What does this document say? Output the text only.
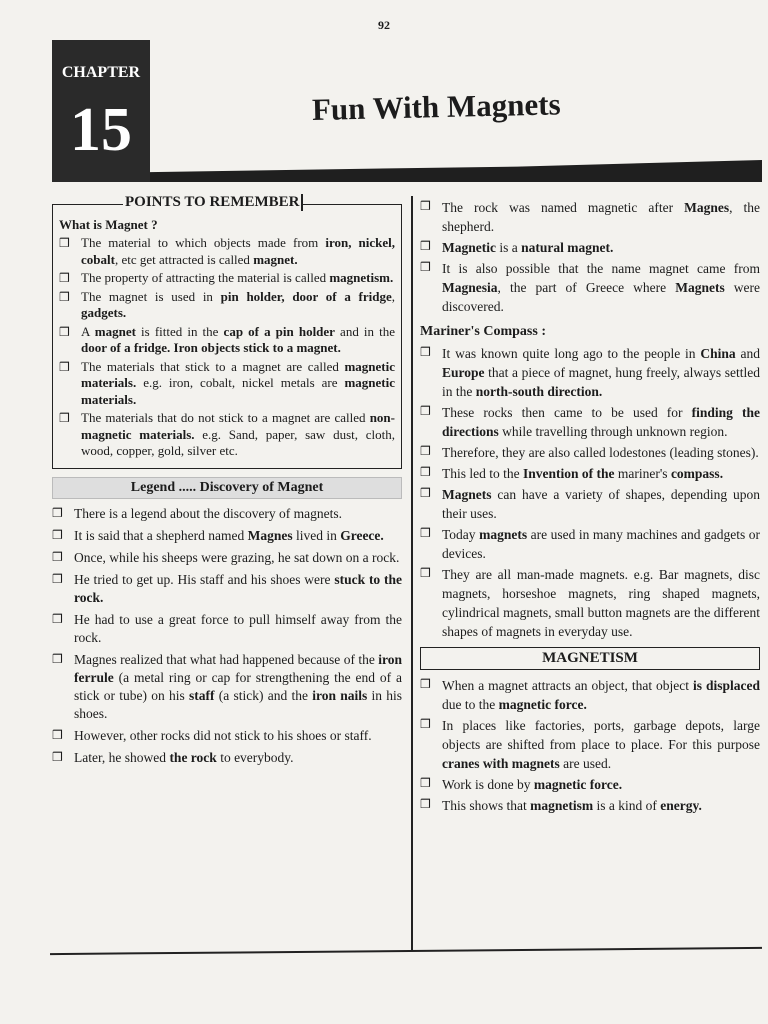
92
CHAPTER
15	Fun With Magnets
POINTS TO REMEMBER
What is Magnet ?
❒ The material to which objects made from iron, nickel, cobalt, etc get attracted is called magnet.
❒ The property of attracting the material is called magnetism.
❒ The magnet is used in pin holder, door of a fridge, gadgets.
❒ A magnet is fitted in the cap of a pin holder and in the door of a fridge. Iron objects stick to a magnet.
❒ The materials that stick to a magnet are called magnetic materials. e.g. iron, cobalt, nickel metals are magnetic materials.
❒ The materials that do not stick to a magnet are called non-magnetic materials. e.g. Sand, paper, saw dust, cloth, wood, copper, gold, silver etc.
Legend ..... Discovery of Magnet
❒ There is a legend about the discovery of magnets.
❒ It is said that a shepherd named Magnes lived in Greece.
❒ Once, while his sheeps were grazing, he sat down on a rock.
❒ He tried to get up. His staff and his shoes were stuck to the rock.
❒ He had to use a great force to pull himself away from the rock.
❒ Magnes realized that what had happened because of the iron ferrule (a metal ring or cap for strengthening the end of a stick or tube) on his staff (a stick) and the iron nails in his shoes.
❒ However, other rocks did not stick to his shoes or staff.
❒ Later, he showed the rock to everybody.
❒ The rock was named magnetic after Magnes, the shepherd.
❒ Magnetic is a natural magnet.
❒ It is also possible that the name magnet came from Magnesia, the part of Greece where Magnets were discovered.
Mariner's Compass :
❒ It was known quite long ago to the people in China and Europe that a piece of magnet, hung freely, always settled in the north-south direction.
❒ These rocks then came to be used for finding the directions while travelling through unknown region.
❒ Therefore, they are also called lodestones (leading stones).
❒ This led to the Invention of the mariner's compass.
❒ Magnets can have a variety of shapes, depending upon their uses.
❒ Today magnets are used in many machines and gadgets or devices.
❒ They are all man-made magnets. e.g. Bar magnets, disc magnets, horseshoe magnets, ring shaped magnets, cylindrical magnets, small button magnets are the different shapes of magnets in everyday use.
MAGNETISM
❒ When a magnet attracts an object, that object is displaced due to the magnetic force.
❒ In places like factories, ports, garbage depots, large objects are shifted from place to place. For this purpose cranes with magnets are used.
❒ Work is done by magnetic force.
❒ This shows that magnetism is a kind of energy.
